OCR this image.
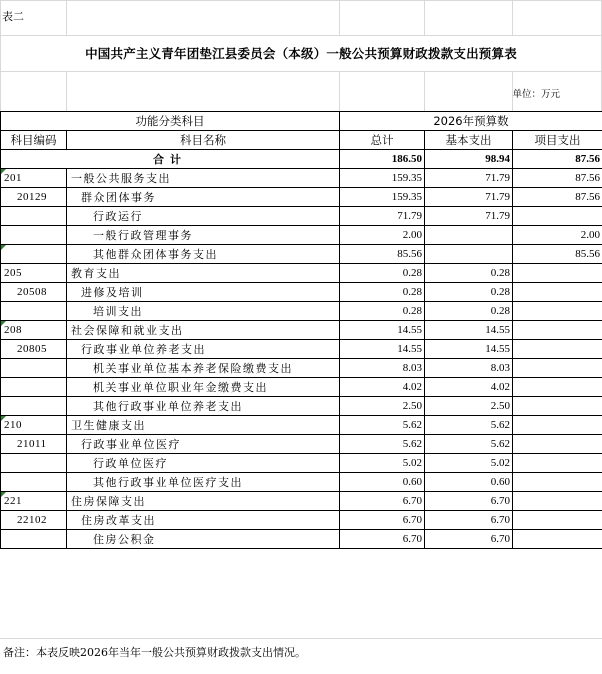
表二
中国共产主义青年团垫江县委员会（本级）一般公共预算财政拨款支出预算表
单位：万元
功能分类科目		2026年预算数		
科目编码	科目名称	总计	基本支出	项目支出
合计		186.50	98.94	87.56

201	一般公共服务支出	159.35	71.79	87.56
20129	群众团体事务	159.35	71.79	87.56
	行政运行	71.79	71.79	
	一般行政管理事务	2.00		2.00

	其他群众团体事务支出	85.56		85.56
205	教育支出	0.28	0.28	
20508	进修及培训	0.28	0.28	
	培训支出	0.28	0.28	

208	社会保障和就业支出	14.55	14.55	
20805	行政事业单位养老支出	14.55	14.55	
	机关事业单位基本养老保险缴费支出	8.03	8.03	
	机关事业单位职业年金缴费支出	4.02	4.02	
	其他行政事业单位养老支出	2.50	2.50	

210	卫生健康支出	5.62	5.62	
21011	行政事业单位医疗	5.62	5.62	
	行政单位医疗	5.02	5.02	
	其他行政事业单位医疗支出	0.60	0.60	

221	住房保障支出	6.70	6.70	
22102	住房改革支出	6.70	6.70	
	住房公积金	6.70	6.70	
备注：本表反映2026年当年一般公共预算财政拨款支出情况。
